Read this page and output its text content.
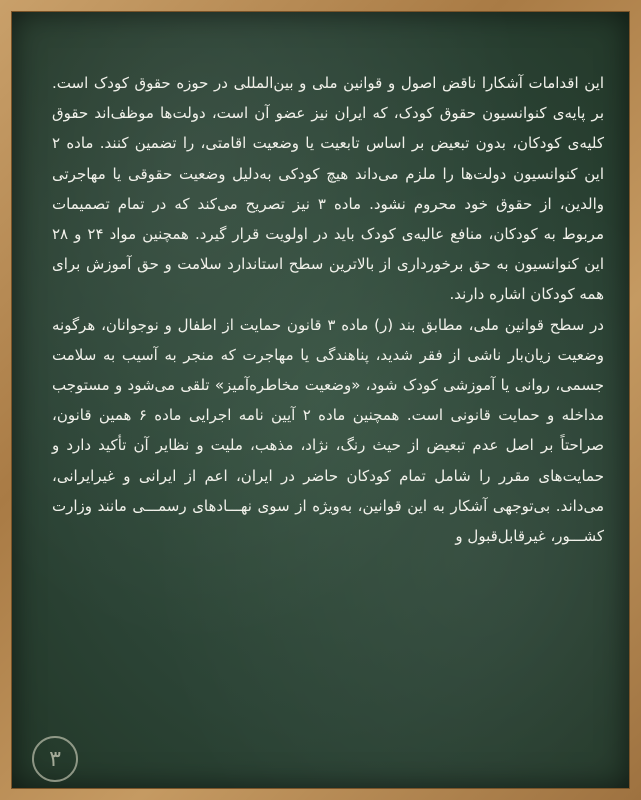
این اقدامات آشکارا ناقض اصول و قوانین ملی و بین‌المللی در حوزه حقوق کودک است. بر پایه‌ی کنوانسیون حقوق کودک، که ایران نیز عضو آن است، دولت‌ها موظف‌اند حقوق کلیه‌ی کودکان، بدون تبعیض بر اساس تابعیت یا وضعیت اقامتی، را تضمین کنند. ماده ۲ این کنوانسیون دولت‌ها را ملزم می‌داند هیچ کودکی به‌دلیل وضعیت حقوقی یا مهاجرتی والدین، از حقوق خود محروم نشود. ماده ۳ نیز تصریح می‌کند که در تمام تصمیمات مربوط به کودکان، منافع عالیه‌ی کودک باید در اولویت قرار گیرد. همچنین مواد ۲۴ و ۲۸ این کنوانسیون به حق برخورداری از بالاترین سطح استاندارد سلامت و حق آموزش برای همه کودکان اشاره دارند.

در سطح قوانین ملی، مطابق بند (ر) ماده ۳ قانون حمایت از اطفال و نوجوانان، هرگونه وضعیت زیان‌بار ناشی از فقر شدید، پناهندگی یا مهاجرت که منجر به آسیب به سلامت جسمی، روانی یا آموزشی کودک شود، «وضعیت مخاطره‌آمیز» تلقی می‌شود و مستوجب مداخله و حمایت قانونی است. همچنین ماده ۲ آیین نامه اجرایی ماده ۶ همین قانون، صراحتاً بر اصل عدم تبعیض از حیث رنگ، نژاد، مذهب، ملیت و نظایر آن تأکید دارد و حمایت‌های مقرر را شامل تمام کودکان حاضر در ایران، اعم از ایرانی و غیرایرانی، می‌داند. بی‌توجهی آشکار به این قوانین، به‌ویژه از سوی نهـــادهای رسمـــی مانند وزارت کشـــور، غیرقابل‌قبول و

۳
